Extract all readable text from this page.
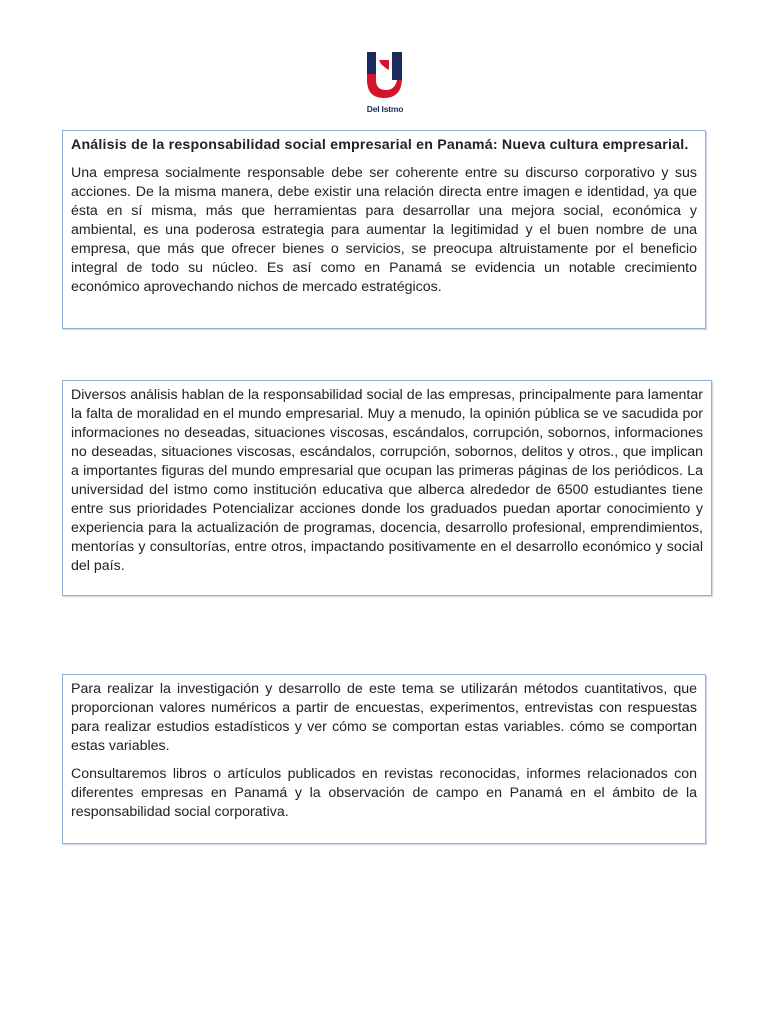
Del Istmo

Análisis de la responsabilidad social empresarial en Panamá: Nueva cultura empresarial.

Una empresa socialmente responsable debe ser coherente entre su discurso corporativo y sus acciones. De la misma manera, debe existir una relación directa entre imagen e identidad, ya que ésta en sí misma, más que herramientas para desarrollar una mejora social, económica y ambiental, es una poderosa estrategia para aumentar la legitimidad y el buen nombre de una empresa, que más que ofrecer bienes o servicios, se preocupa altruistamente por el beneficio integral de todo su núcleo. Es así como en Panamá se evidencia un notable crecimiento económico aprovechando nichos de mercado estratégicos.

Diversos análisis hablan de la responsabilidad social de las empresas, principalmente para lamentar la falta de moralidad en el mundo empresarial. Muy a menudo, la opinión pública se ve sacudida por informaciones no deseadas, situaciones viscosas, escándalos, corrupción, sobornos, informaciones no deseadas, situaciones viscosas, escándalos, corrupción, sobornos, delitos y otros., que implican a importantes figuras del mundo empresarial que ocupan las primeras páginas de los periódicos. La universidad del istmo como institución educativa que alberca alrededor de 6500 estudiantes tiene entre sus prioridades Potencializar acciones donde los graduados puedan aportar conocimiento y experiencia para la actualización de programas, docencia, desarrollo profesional, emprendimientos, mentorías y consultorías, entre otros, impactando positivamente en el desarrollo económico y social del país.

Para realizar la investigación y desarrollo de este tema se utilizarán métodos cuantitativos, que proporcionan valores numéricos a partir de encuestas, experimentos, entrevistas con respuestas para realizar estudios estadísticos y ver cómo se comportan estas variables. cómo se comportan estas variables.

Consultaremos libros o artículos publicados en revistas reconocidas, informes relacionados con diferentes empresas en Panamá y la observación de campo en Panamá en el ámbito de la responsabilidad social corporativa.
